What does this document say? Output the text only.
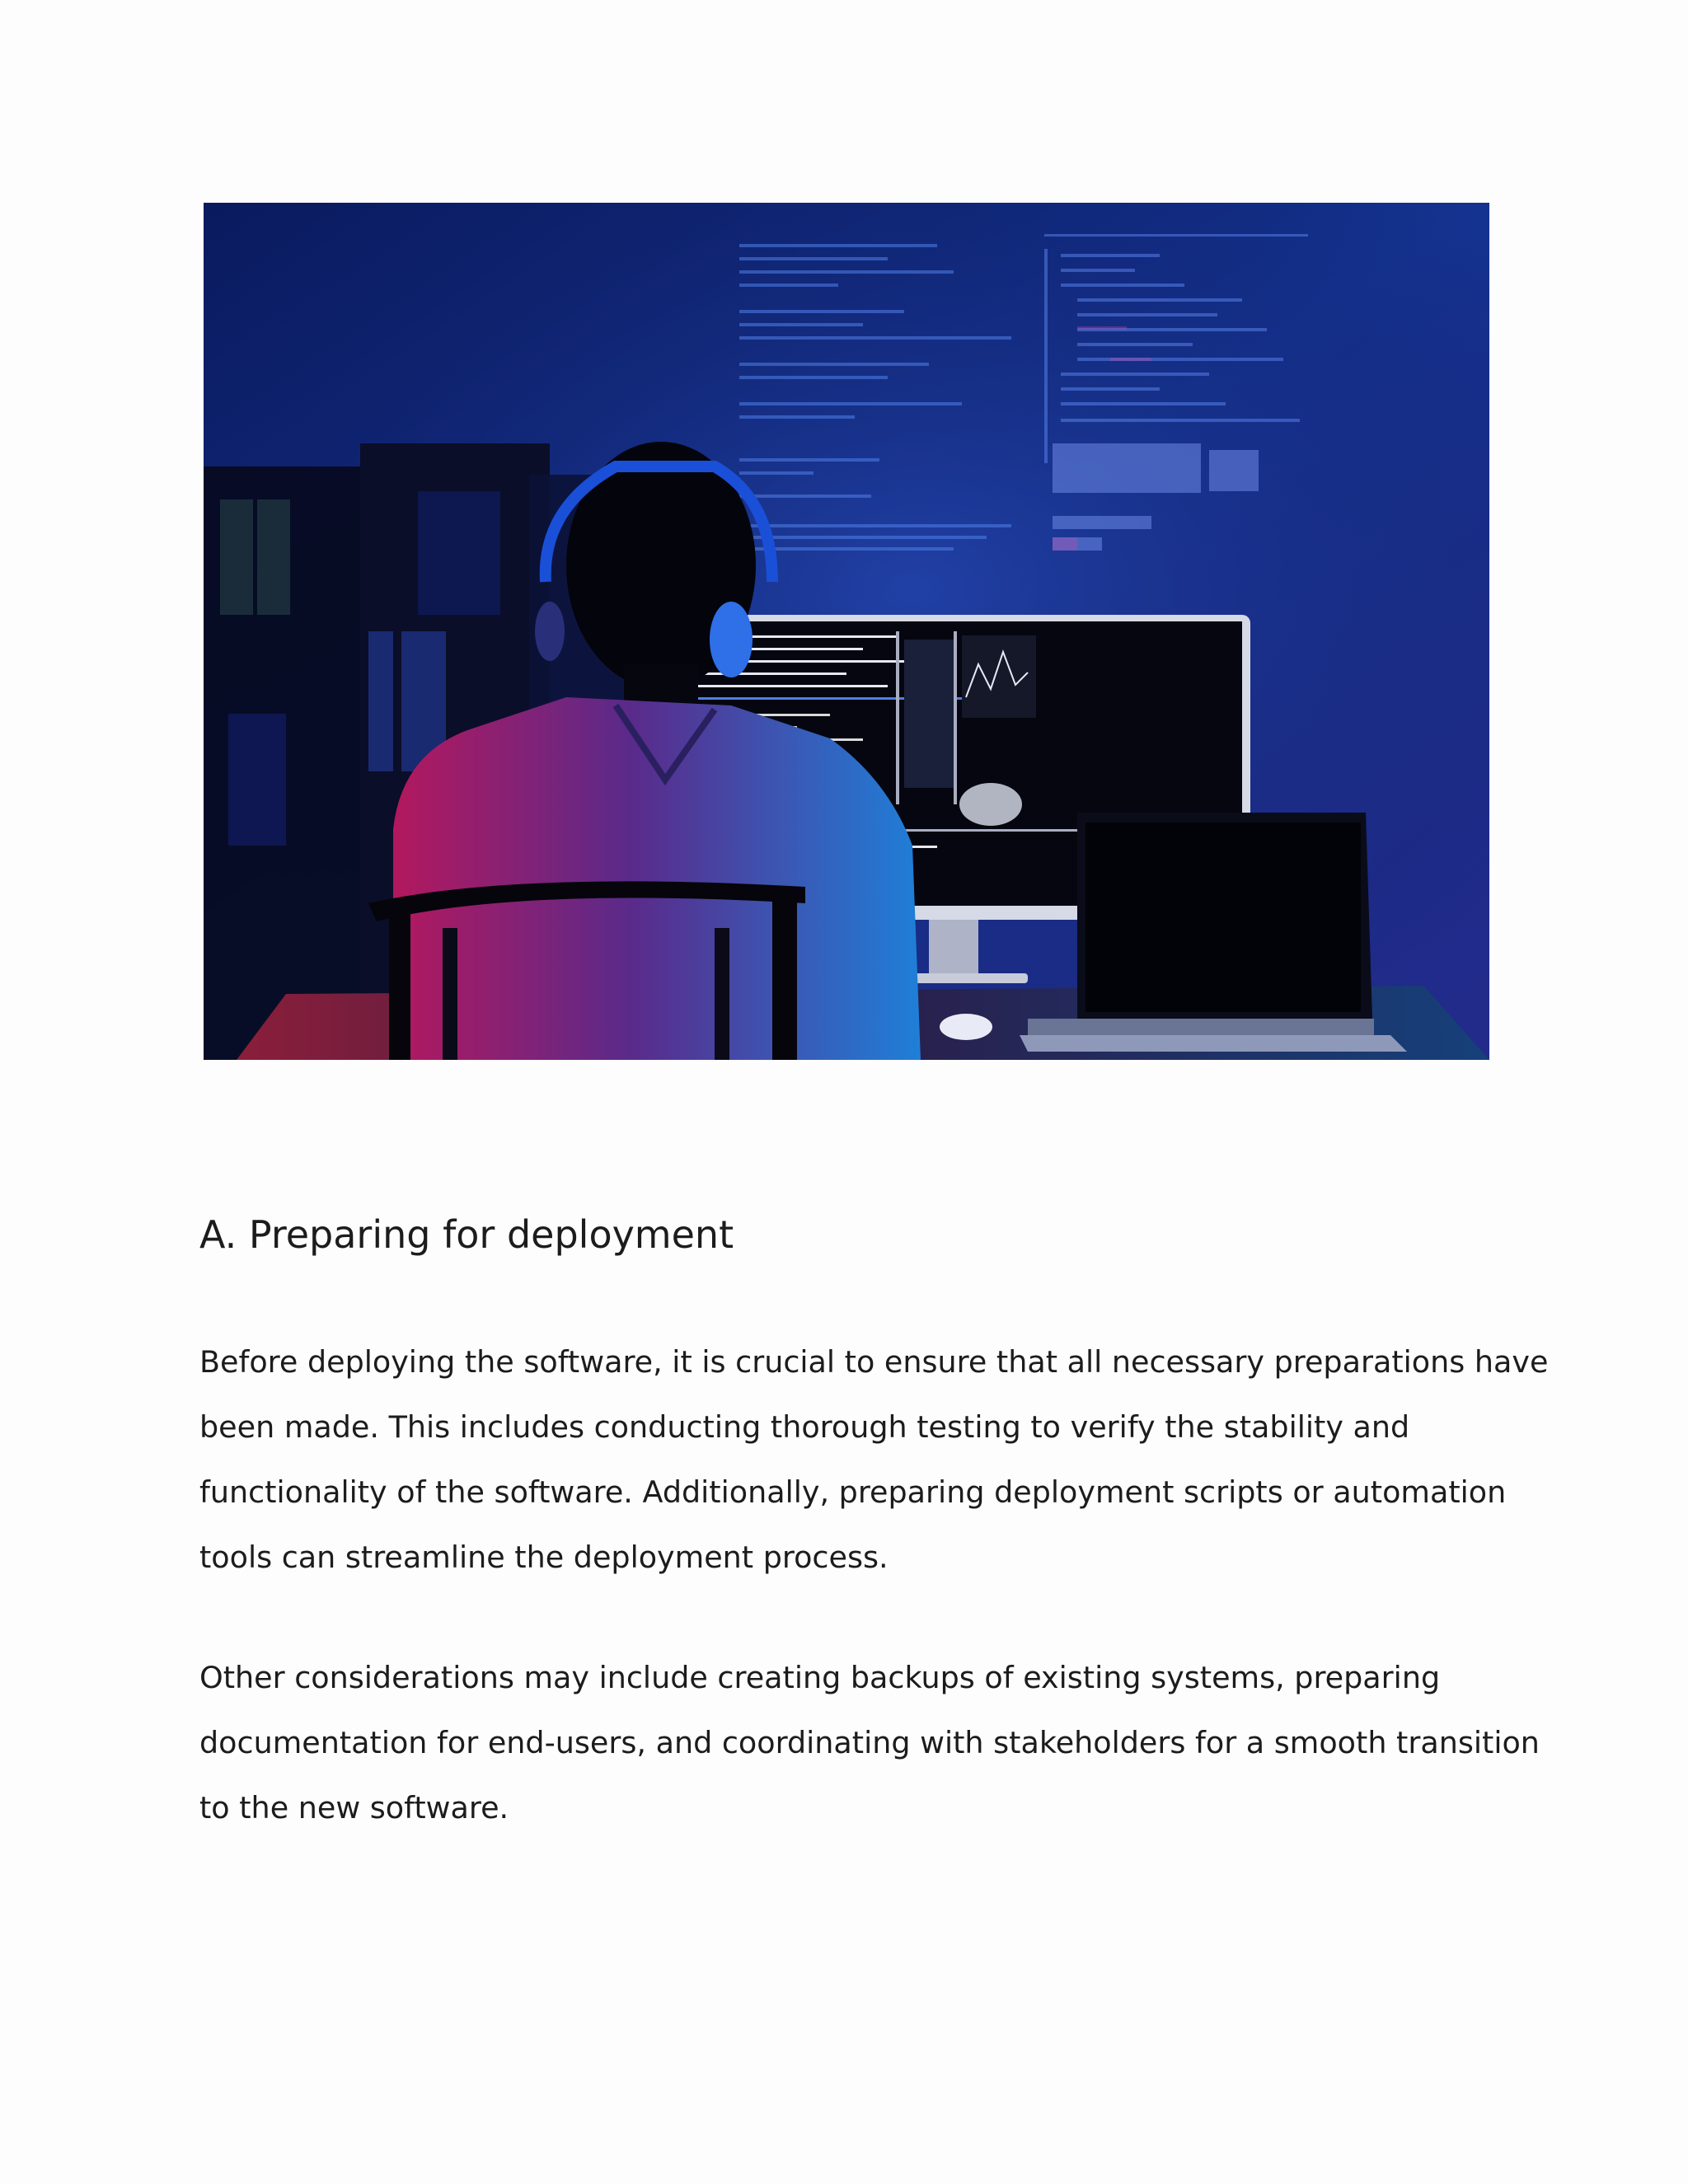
A. Preparing for deployment

Before deploying the software, it is crucial to ensure that all necessary preparations have
been made. This includes conducting thorough testing to verify the stability and
functionality of the software. Additionally, preparing deployment scripts or automation
tools can streamline the deployment process.

Other considerations may include creating backups of existing systems, preparing
documentation for end-users, and coordinating with stakeholders for a smooth transition
to the new software.
